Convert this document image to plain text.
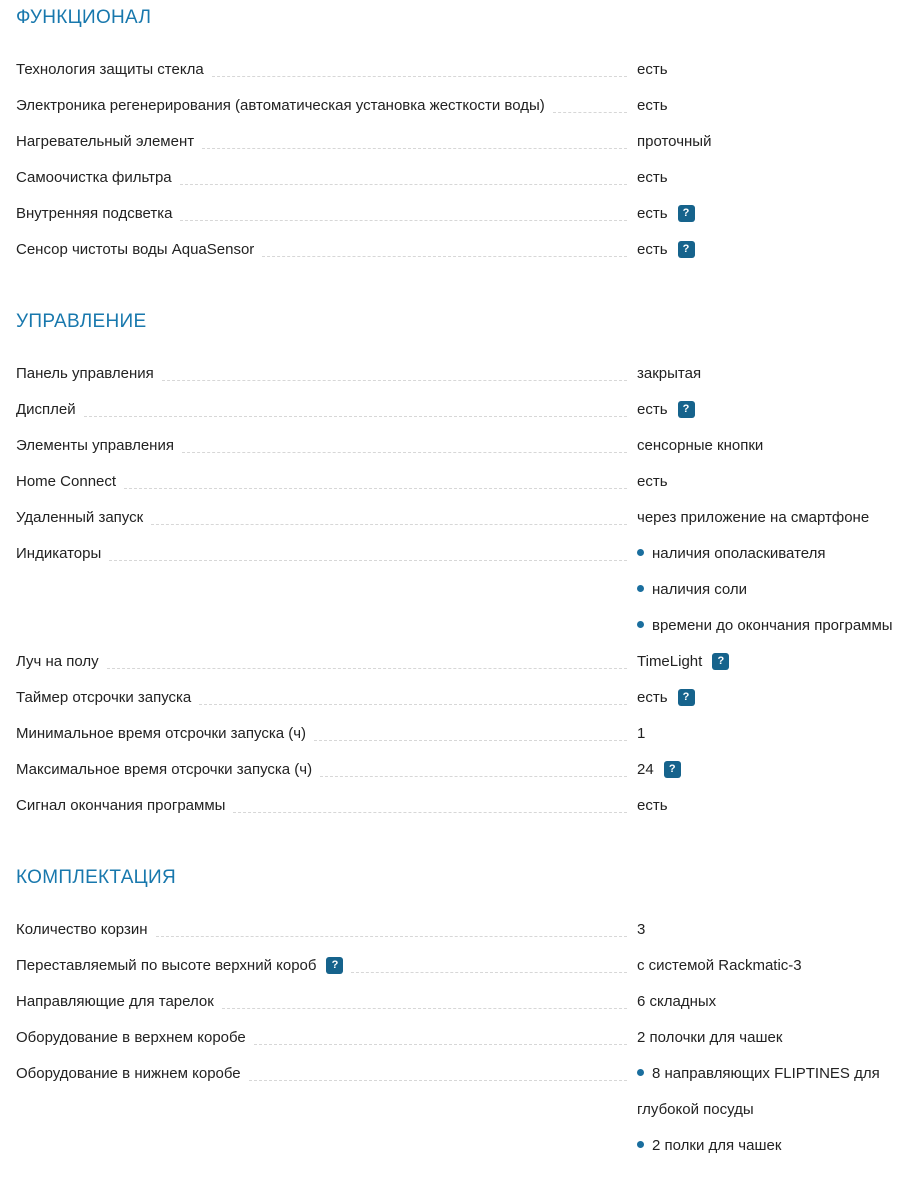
ФУНКЦИОНАЛ
Технология защиты стекла	есть
Электроника регенерирования (автоматическая установка жесткости воды)	есть
Нагревательный элемент	проточный
Самоочистка фильтра	есть
Внутренняя подсветка	есть ?
Сенсор чистоты воды AquaSensor	есть ?
УПРАВЛЕНИЕ
Панель управления	закрытая
Дисплей	есть ?
Элементы управления	сенсорные кнопки
Home Connect	есть
Удаленный запуск	через приложение на смартфоне
Индикаторы	наличия ополаскивателя
наличия соли
времени до окончания программы
Луч на полу	TimeLight ?
Таймер отсрочки запуска	есть ?
Минимальное время отсрочки запуска (ч)	1
Максимальное время отсрочки запуска (ч)	24 ?
Сигнал окончания программы	есть
КОМПЛЕКТАЦИЯ
Количество корзин	3
Переставляемый по высоте верхний короб ?	с системой Rackmatic-3
Направляющие для тарелок	6 складных
Оборудование в верхнем коробе	2 полочки для чашек
Оборудование в нижнем коробе	8 направляющих FLIPTINES для глубокой посуды
2 полки для чашек
